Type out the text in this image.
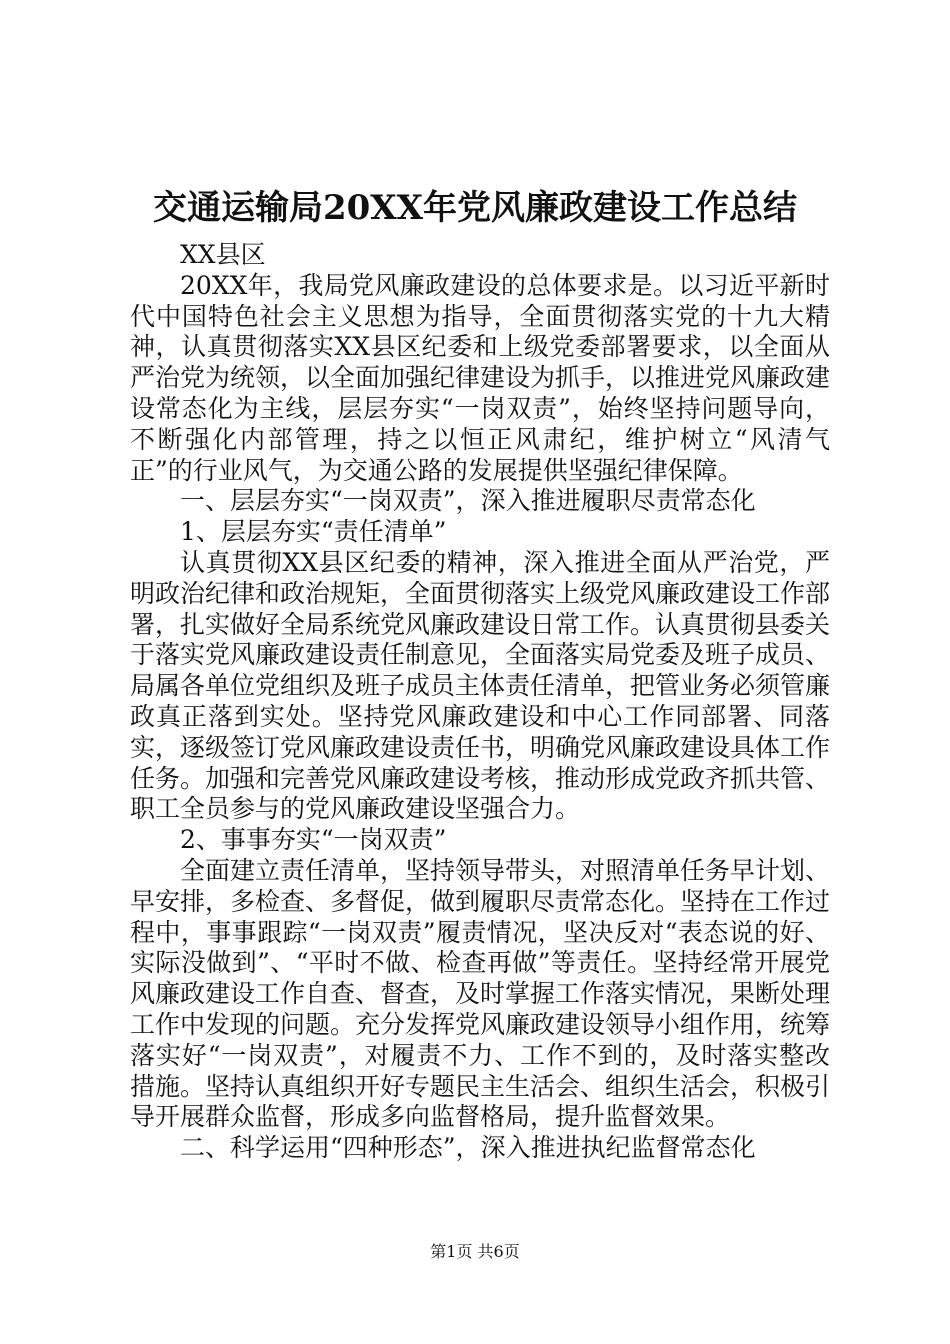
交通运输局20XX年党风廉政建设工作总结

XX县区

20XX年，我局党风廉政建设的总体要求是。以习近平新时代中国特色社会主义思想为指导，全面贯彻落实党的十九大精神，认真贯彻落实XX县区纪委和上级党委部署要求，以全面从严治党为统领，以全面加强纪律建设为抓手，以推进党风廉政建设常态化为主线，层层夯实“一岗双责”，始终坚持问题导向，不断强化内部管理，持之以恒正风肃纪，维护树立“风清气正”的行业风气，为交通公路的发展提供坚强纪律保障。

一、层层夯实“一岗双责”，深入推进履职尽责常态化

1、层层夯实“责任清单”

认真贯彻XX县区纪委的精神，深入推进全面从严治党，严明政治纪律和政治规矩，全面贯彻落实上级党风廉政建设工作部署，扎实做好全局系统党风廉政建设日常工作。认真贯彻县委关于落实党风廉政建设责任制意见，全面落实局党委及班子成员、局属各单位党组织及班子成员主体责任清单，把管业务必须管廉政真正落到实处。坚持党风廉政建设和中心工作同部署、同落实，逐级签订党风廉政建设责任书，明确党风廉政建设具体工作任务。加强和完善党风廉政建设考核，推动形成党政齐抓共管、职工全员参与的党风廉政建设坚强合力。

2、事事夯实“一岗双责”

全面建立责任清单，坚持领导带头，对照清单任务早计划、早安排，多检查、多督促，做到履职尽责常态化。坚持在工作过程中，事事跟踪“一岗双责”履责情况，坚决反对“表态说的好、实际没做到”、“平时不做、检查再做”等责任。坚持经常开展党风廉政建设工作自查、督查，及时掌握工作落实情况，果断处理工作中发现的问题。充分发挥党风廉政建设领导小组作用，统筹落实好“一岗双责”，对履责不力、工作不到的，及时落实整改措施。坚持认真组织开好专题民主生活会、组织生活会，积极引导开展群众监督，形成多向监督格局，提升监督效果。

二、科学运用“四种形态”，深入推进执纪监督常态化

第1页 共6页
